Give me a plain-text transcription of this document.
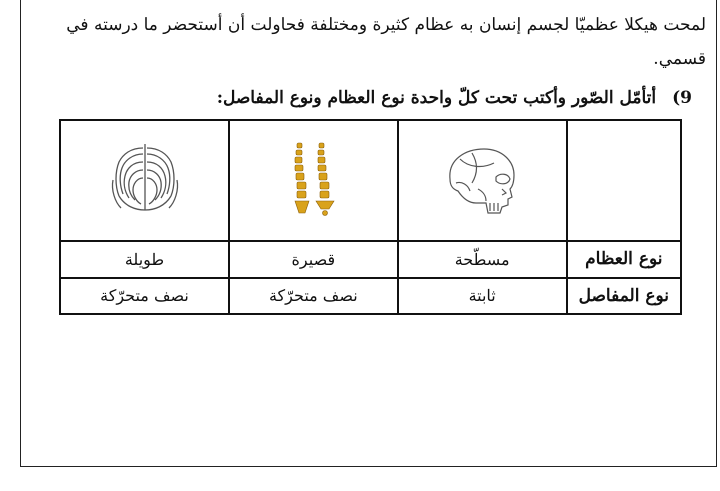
لمحت هيكلا عظميّا لجسم إنسان به عظام كثيرة ومختلفة فحاولت أن أستحضر ما درسته في قسمي.
9)أتأمّل الصّور وأكتب تحت كلّ واحدة نوع العظام ونوع المفاصل:

نوع العظام	مسطّحة	قصيرة	طويلة
نوع المفاصل	ثابتة	نصف متحرّكة	نصف متحرّكة
